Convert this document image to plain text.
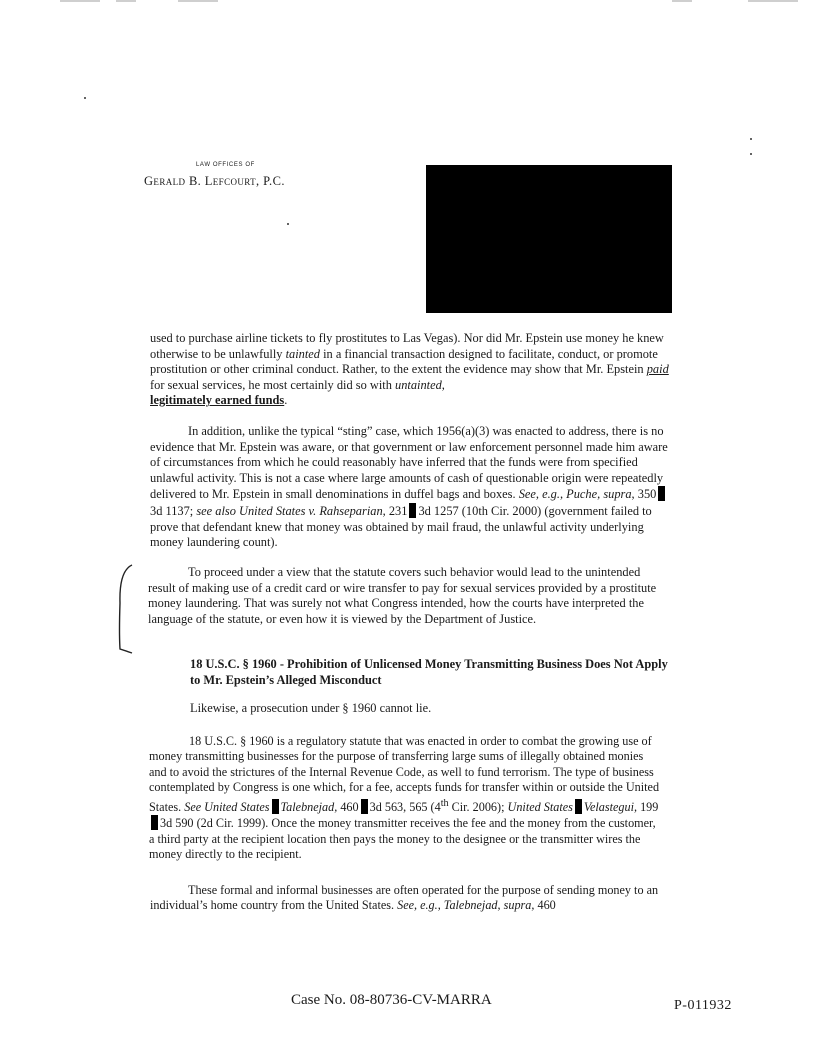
LAW OFFICES OF
Gerald B. Lefcourt, P.C.
used to purchase airline tickets to fly prostitutes to Las Vegas). Nor did Mr. Epstein use money he knew otherwise to be unlawfully tainted in a financial transaction designed to facilitate, conduct, or promote prostitution or other criminal conduct. Rather, to the extent the evidence may show that Mr. Epstein paid for sexual services, he most certainly did so with untainted,
legitimately earned funds.
In addition, unlike the typical “sting” case, which 1956(a)(3) was enacted to address, there is no evidence that Mr. Epstein was aware, or that government or law enforcement personnel made him aware of circumstances from which he could reasonably have inferred that the funds were from specified unlawful activity. This is not a case where large amounts of cash of questionable origin were repeatedly delivered to Mr. Epstein in small denominations in duffel bags and boxes. See, e.g., Puche, supra, 3503d 1137; see also United States v. Rahseparian, 231 3d 1257 (10th Cir. 2000) (government failed to prove that defendant knew that money was obtained by mail fraud, the unlawful activity underlying money laundering count).
To proceed under a view that the statute covers such behavior would lead to the unintended result of making use of a credit card or wire transfer to pay for sexual services provided by a prostitute money laundering. That was surely not what Congress intended, how the courts have interpreted the language of the statute, or even how it is viewed by the Department of Justice.
18 U.S.C. § 1960 - Prohibition of Unlicensed Money Transmitting Business Does Not Apply to Mr. Epstein’s Alleged Misconduct
Likewise, a prosecution under § 1960 cannot lie.
18 U.S.C. § 1960 is a regulatory statute that was enacted in order to combat the growing use of money transmitting businesses for the purpose of transferring large sums of illegally obtained monies and to avoid the strictures of the Internal Revenue Code, as well to fund terrorism. The type of business contemplated by Congress is one which, for a fee, accepts funds for transfer within or outside the United States. See United States Talebnejad, 460 3d 563, 565 (4th Cir. 2006); United States Velastegui, 1993d 590 (2d Cir. 1999). Once the money transmitter receives the fee and the money from the customer, a third party at the recipient location then pays the money to the designee or the transmitter wires the money directly to the recipient.
These formal and informal businesses are often operated for the purpose of sending money to an individual’s home country from the United States. See, e.g., Talebnejad, supra, 460
Case No. 08-80736-CV-MARRA	P-011932
